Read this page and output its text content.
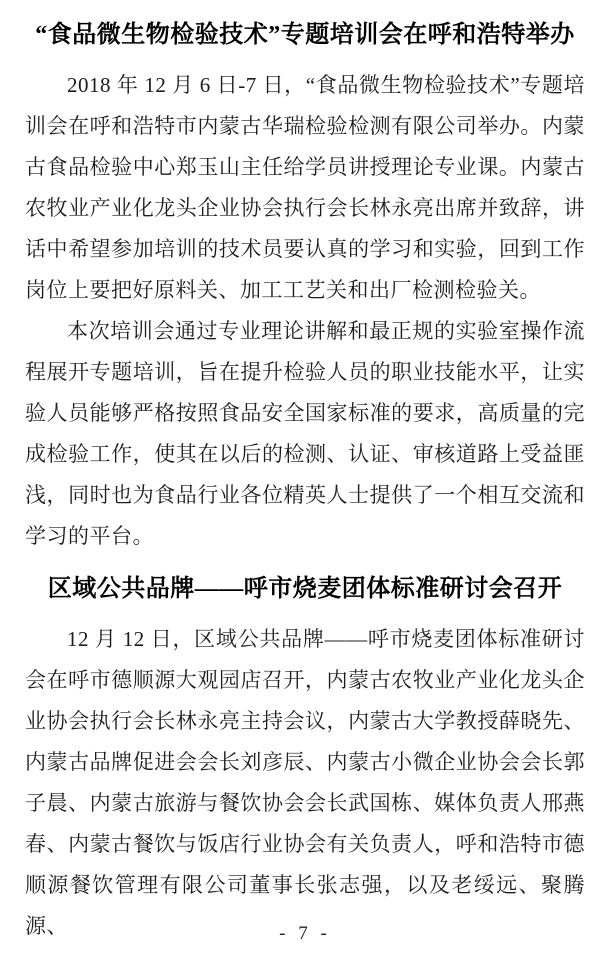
“食品微生物检验技术”专题培训会在呼和浩特举办

2018 年 12 月 6 日-7 日，“食品微生物检验技术”专题培训会在呼和浩特市内蒙古华瑞检验检测有限公司举办。内蒙古食品检验中心郑玉山主任给学员讲授理论专业课。内蒙古农牧业产业化龙头企业协会执行会长林永亮出席并致辞，讲话中希望参加培训的技术员要认真的学习和实验，回到工作岗位上要把好原料关、加工工艺关和出厂检测检验关。

本次培训会通过专业理论讲解和最正规的实验室操作流程展开专题培训，旨在提升检验人员的职业技能水平，让实验人员能够严格按照食品安全国家标准的要求，高质量的完成检验工作，使其在以后的检测、认证、审核道路上受益匪浅，同时也为食品行业各位精英人士提供了一个相互交流和学习的平台。

区域公共品牌——呼市烧麦团体标准研讨会召开

12 月 12 日，区域公共品牌——呼市烧麦团体标准研讨会在呼市德顺源大观园店召开，内蒙古农牧业产业化龙头企业协会执行会长林永亮主持会议，内蒙古大学教授薛晓先、内蒙古品牌促进会会长刘彦辰、内蒙古小微企业协会会长郭子晨、内蒙古旅游与餐饮协会会长武国栋、媒体负责人邢燕春、内蒙古餐饮与饭店行业协会有关负责人，呼和浩特市德顺源餐饮管理有限公司董事长张志强，以及老绥远、聚腾源、	- 7 -
